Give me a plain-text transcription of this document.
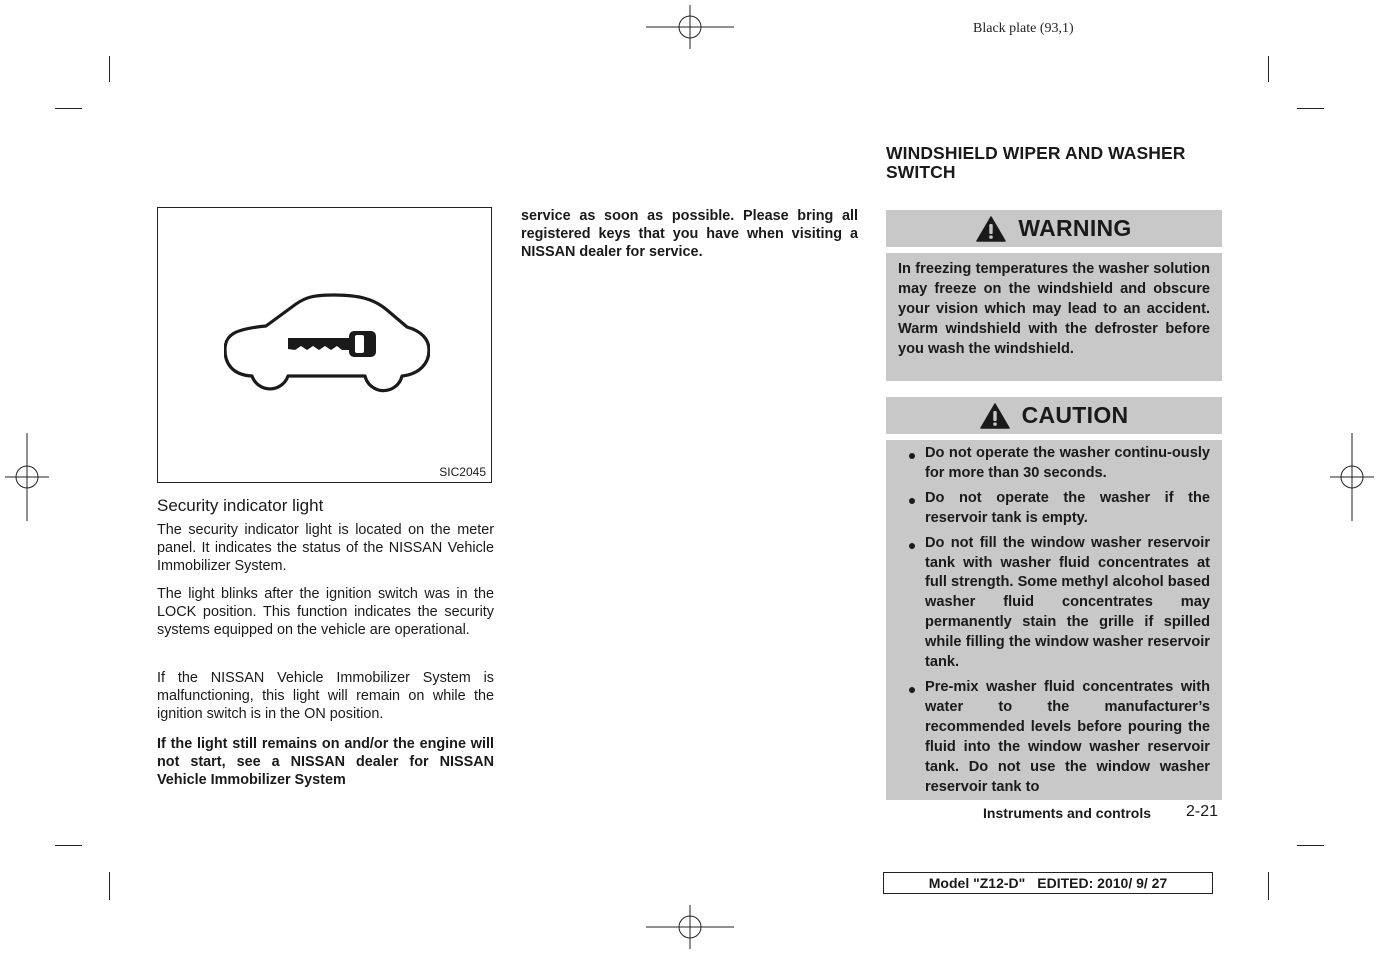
Black plate (93,1)
SIC2045
Security indicator light

The security indicator light is located on the meter panel. It indicates the status of the NISSAN Vehicle Immobilizer System.

The light blinks after the ignition switch was in the LOCK position. This function indicates the security systems equipped on the vehicle are operational.

If the NISSAN Vehicle Immobilizer System is malfunctioning, this light will remain on while the ignition switch is in the ON position.

If the light still remains on and/or the engine will not start, see a NISSAN dealer for NISSAN Vehicle Immobilizer System

service as soon as possible. Please bring all registered keys that you have when visiting a NISSAN dealer for service.

WINDSHIELD WIPER AND WASHER SWITCH
WARNING

In freezing temperatures the washer solution may freeze on the windshield and obscure your vision which may lead to an accident. Warm windshield with the defroster before you wash the windshield.

CAUTION
Do not operate the washer continu-ously for more than 30 seconds.
Do not operate the washer if the reservoir tank is empty.
Do not fill the window washer reservoir tank with washer fluid concentrates at full strength. Some methyl alcohol based washer fluid concentrates may permanently stain the grille if spilled while filling the window washer reservoir tank.
Pre-mix washer fluid concentrates with water to the manufacturer’s recommended levels before pouring the fluid into the window washer reservoir tank. Do not use the window washer reservoir tank to
Instruments and controls 2-21
Model "Z12-D" EDITED: 2010/ 9/ 27
